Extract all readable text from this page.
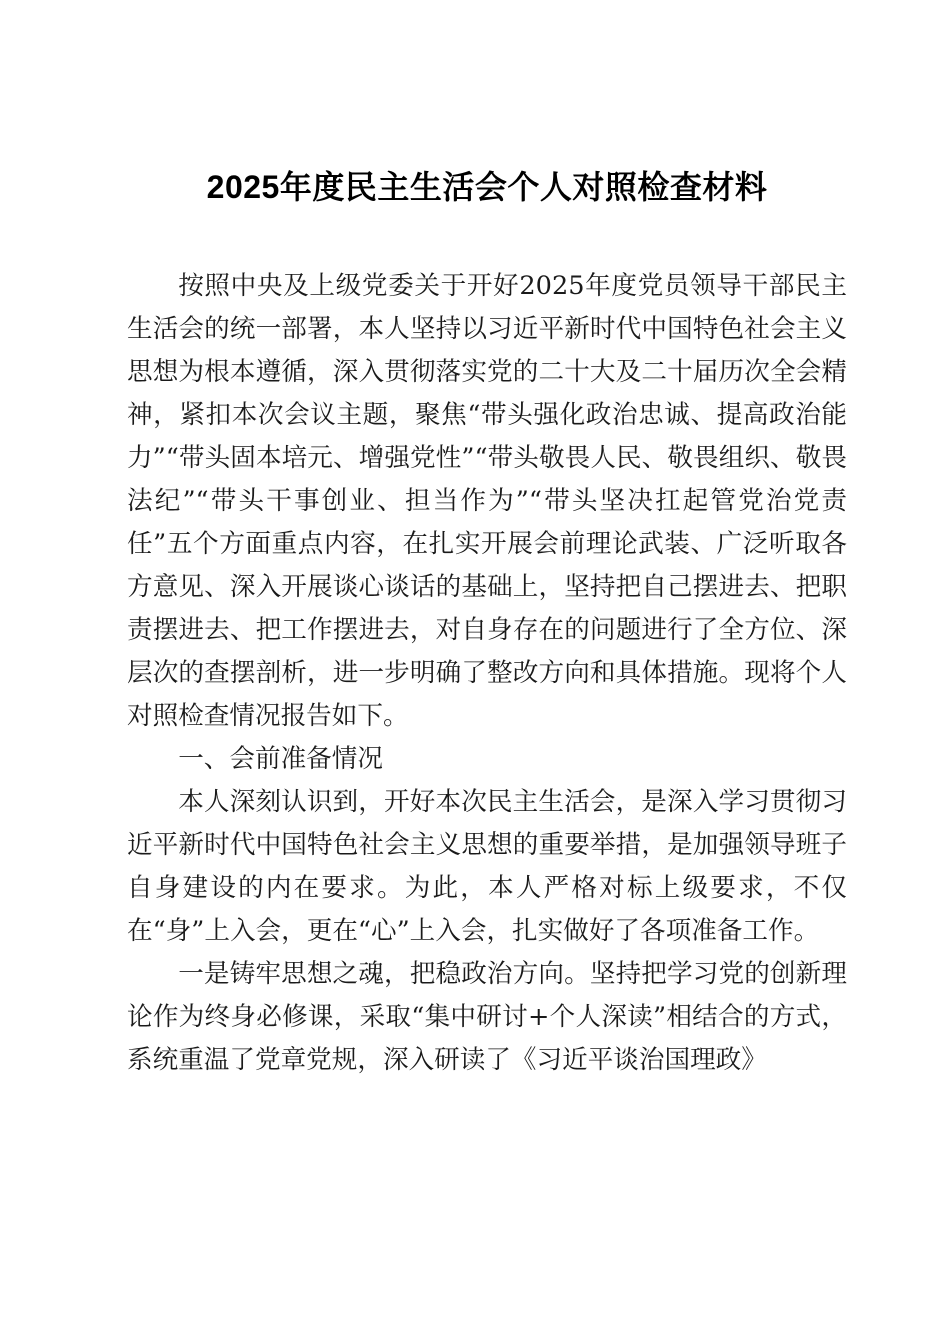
2025年度民主生活会个人对照检查材料

按照中央及上级党委关于开好2025年度党员领导干部民主生活会的统一部署，本人坚持以习近平新时代中国特色社会主义思想为根本遵循，深入贯彻落实党的二十大及二十届历次全会精神，紧扣本次会议主题，聚焦“带头强化政治忠诚、提高政治能力”“带头固本培元、增强党性”“带头敬畏人民、敬畏组织、敬畏法纪”“带头干事创业、担当作为”“带头坚决扛起管党治党责任”五个方面重点内容，在扎实开展会前理论武装、广泛听取各方意见、深入开展谈心谈话的基础上，坚持把自己摆进去、把职责摆进去、把工作摆进去，对自身存在的问题进行了全方位、深层次的查摆剖析，进一步明确了整改方向和具体措施。现将个人对照检查情况报告如下。

一、会前准备情况

本人深刻认识到，开好本次民主生活会，是深入学习贯彻习近平新时代中国特色社会主义思想的重要举措，是加强领导班子自身建设的内在要求。为此，本人严格对标上级要求，不仅在“身”上入会，更在“心”上入会，扎实做好了各项准备工作。

一是铸牢思想之魂，把稳政治方向。坚持把学习党的创新理论作为终身必修课，采取“集中研讨+个人深读”相结合的方式，系统重温了党章党规，深入研读了《习近平谈治国理政》
